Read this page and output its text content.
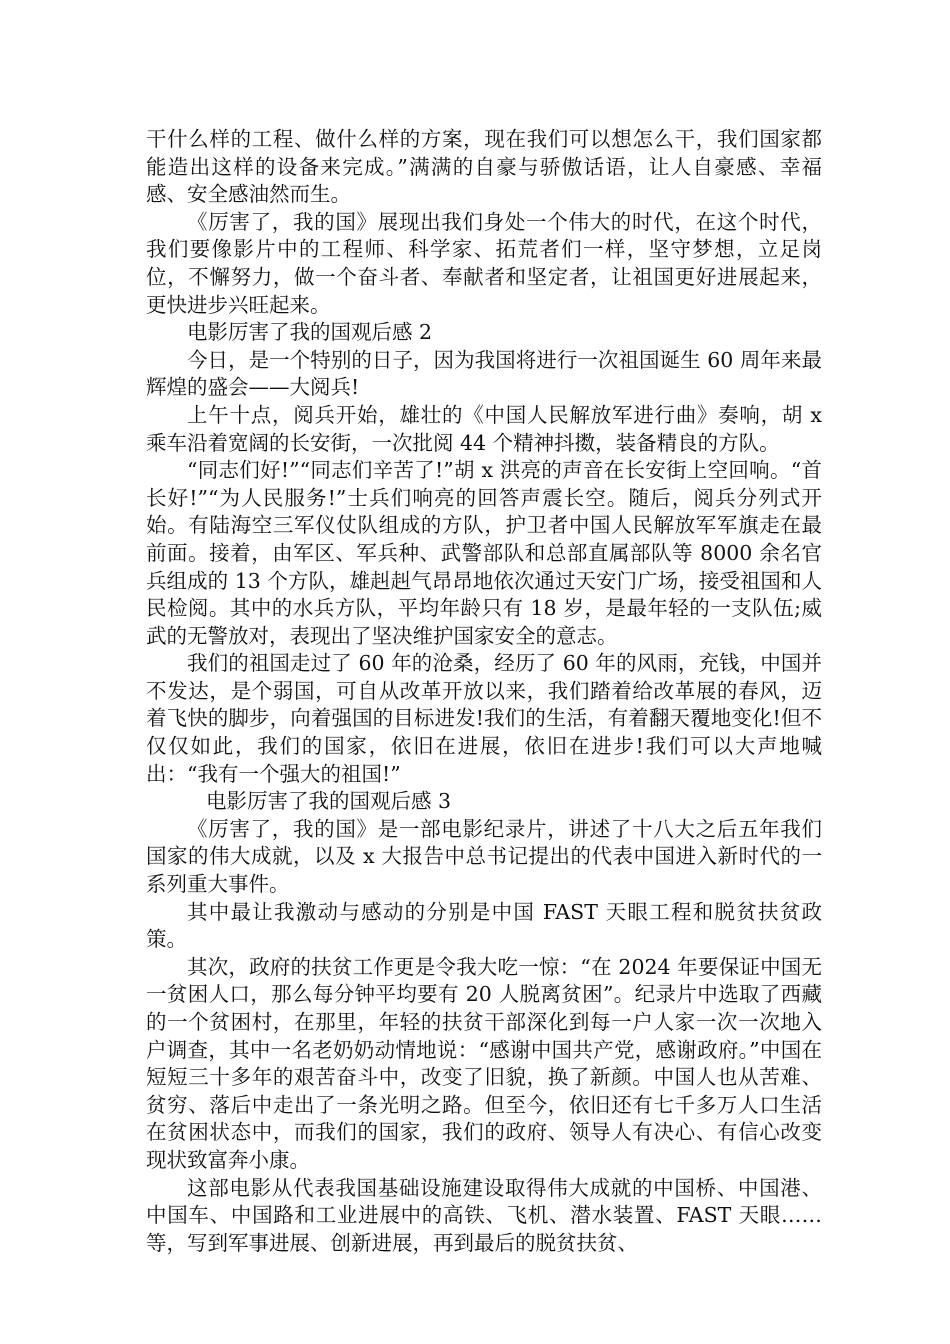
干什么样的工程、做什么样的方案，现在我们可以想怎么干，我们国家都能造出这样的设备来完成。”满满的自豪与骄傲话语，让人自豪感、幸福感、安全感油然而生。

《厉害了，我的国》展现出我们身处一个伟大的时代，在这个时代，我们要像影片中的工程师、科学家、拓荒者们一样，坚守梦想，立足岗位，不懈努力，做一个奋斗者、奉献者和坚定者，让祖国更好进展起来，更快进步兴旺起来。

电影厉害了我的国观后感 2

今日，是一个特别的日子，因为我国将进行一次祖国诞生 60 周年来最辉煌的盛会——大阅兵!

上午十点，阅兵开始，雄壮的《中国人民解放军进行曲》奏响，胡 x 乘车沿着宽阔的长安街，一次批阅 44 个精神抖擞，装备精良的方队。

“同志们好!”“同志们辛苦了!”胡 x 洪亮的声音在长安街上空回响。“首长好!”“为人民服务!”士兵们响亮的回答声震长空。随后，阅兵分列式开始。有陆海空三军仪仗队组成的方队，护卫者中国人民解放军军旗走在最前面。接着，由军区、军兵种、武警部队和总部直属部队等 8000 余名官兵组成的 13 个方队，雄赳赳气昂昂地依次通过天安门广场，接受祖国和人民检阅。其中的水兵方队，平均年龄只有 18 岁，是最年轻的一支队伍;威武的无警放对，表现出了坚决维护国家安全的意志。

我们的祖国走过了 60 年的沧桑，经历了 60 年的风雨，充钱，中国并不发达，是个弱国，可自从改革开放以来，我们踏着给改革展的春风，迈着飞快的脚步，向着强国的目标进发!我们的生活，有着翻天覆地变化!但不仅仅如此，我们的国家，依旧在进展，依旧在进步!我们可以大声地喊出：“我有一个强大的祖国!”

电影厉害了我的国观后感 3

《厉害了，我的国》是一部电影纪录片，讲述了十八大之后五年我们国家的伟大成就，以及 x 大报告中总书记提出的代表中国进入新时代的一系列重大事件。

其中最让我激动与感动的分别是中国 FAST 天眼工程和脱贫扶贫政策。

其次，政府的扶贫工作更是令我大吃一惊：“在 2024 年要保证中国无一贫困人口，那么每分钟平均要有 20 人脱离贫困”。纪录片中选取了西藏的一个贫困村，在那里，年轻的扶贫干部深化到每一户人家一次一次地入户调查，其中一名老奶奶动情地说：“感谢中国共产党，感谢政府。”中国在短短三十多年的艰苦奋斗中，改变了旧貌，换了新颜。中国人也从苦难、贫穷、落后中走出了一条光明之路。但至今，依旧还有七千多万人口生活在贫困状态中，而我们的国家，我们的政府、领导人有决心、有信心改变现状致富奔小康。

这部电影从代表我国基础设施建设取得伟大成就的中国桥、中国港、中国车、中国路和工业进展中的高铁、飞机、潜水装置、FAST 天眼……等，写到军事进展、创新进展，再到最后的脱贫扶贫、
